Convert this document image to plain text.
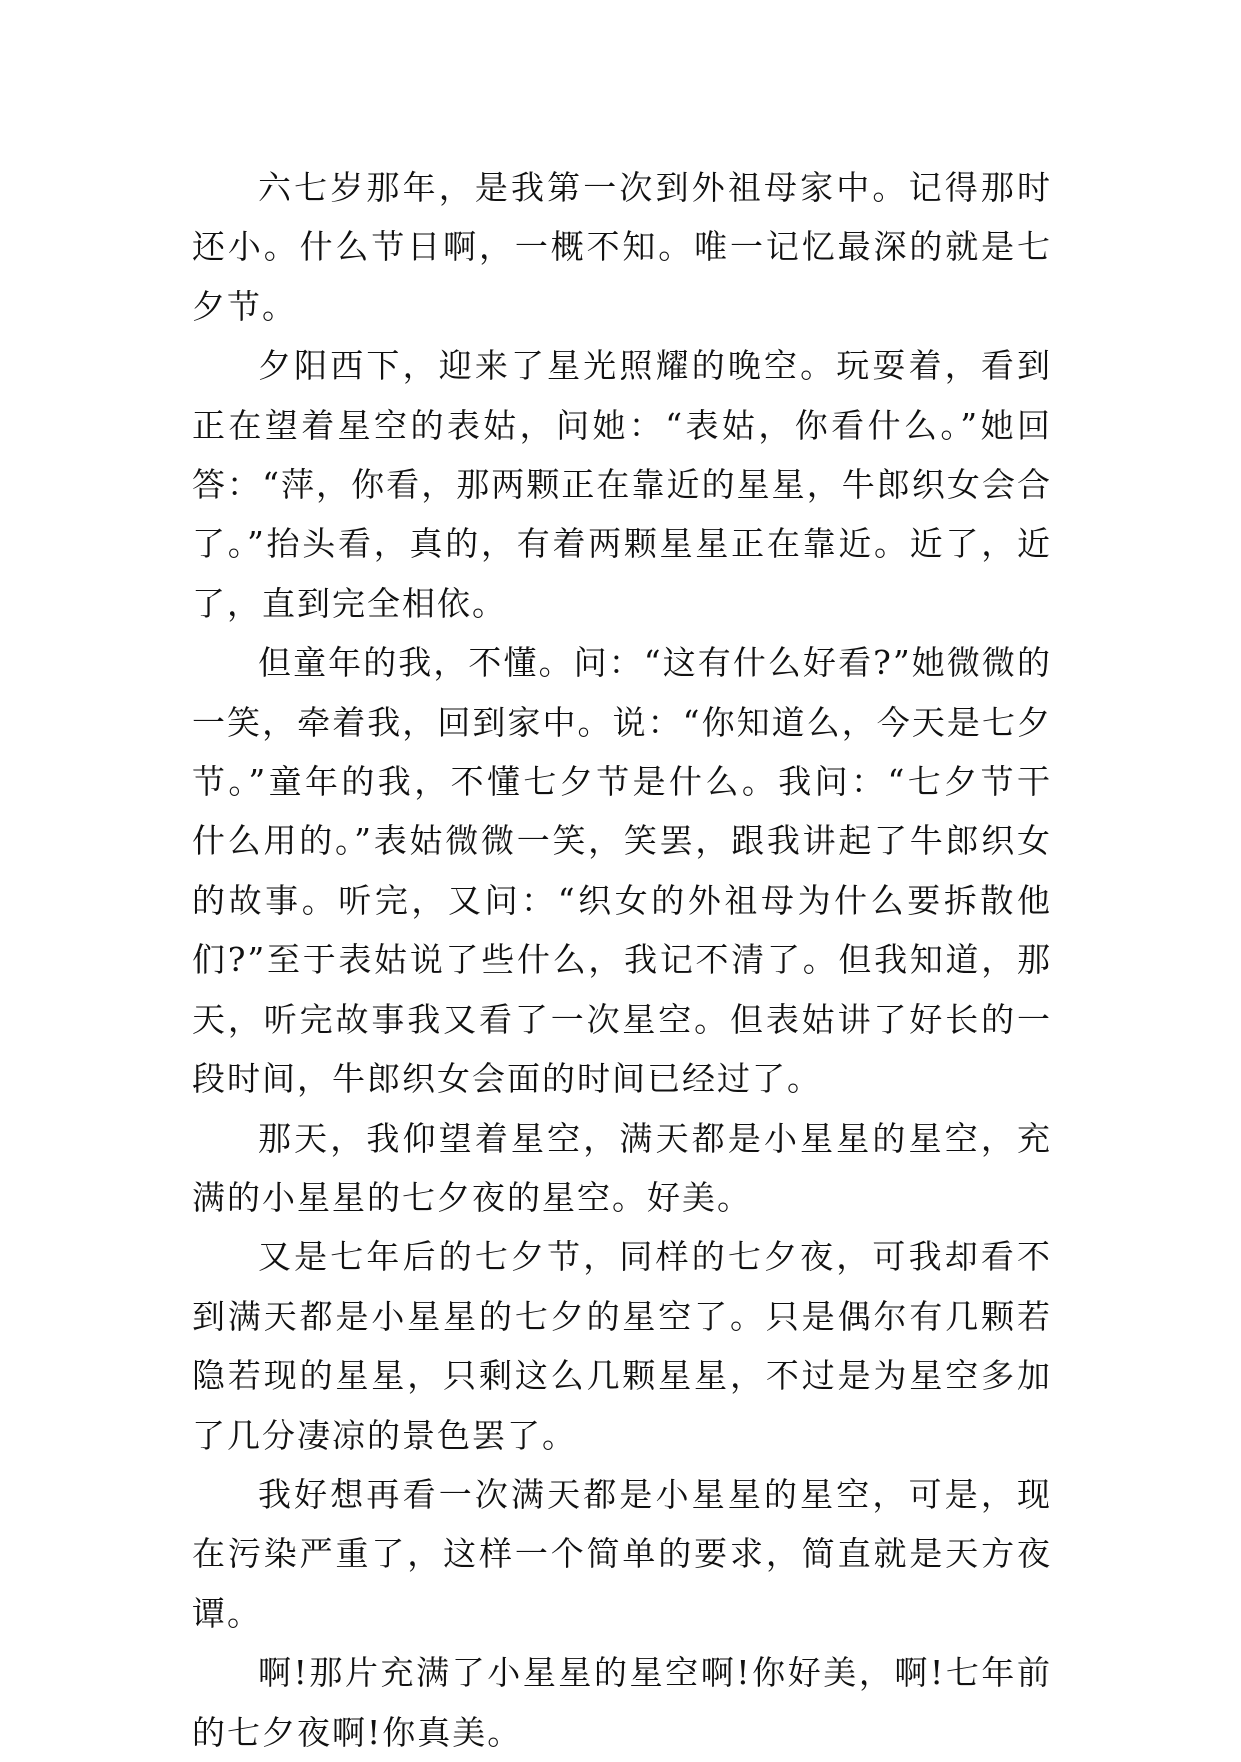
六七岁那年，是我第一次到外祖母家中。记得那时还小。什么节日啊，一概不知。唯一记忆最深的就是七夕节。

夕阳西下，迎来了星光照耀的晚空。玩耍着，看到正在望着星空的表姑，问她：“表姑，你看什么。”她回答：“萍，你看，那两颗正在靠近的星星，牛郎织女会合了。”抬头看，真的，有着两颗星星正在靠近。近了，近了，直到完全相依。

但童年的我，不懂。问：“这有什么好看?”她微微的一笑，牵着我，回到家中。说：“你知道么，今天是七夕节。”童年的我，不懂七夕节是什么。我问：“七夕节干什么用的。”表姑微微一笑，笑罢，跟我讲起了牛郎织女的故事。听完，又问：“织女的外祖母为什么要拆散他们?”至于表姑说了些什么，我记不清了。但我知道，那天，听完故事我又看了一次星空。但表姑讲了好长的一段时间，牛郎织女会面的时间已经过了。

那天，我仰望着星空，满天都是小星星的星空，充满的小星星的七夕夜的星空。好美。

又是七年后的七夕节，同样的七夕夜，可我却看不到满天都是小星星的七夕的星空了。只是偶尔有几颗若隐若现的星星，只剩这么几颗星星，不过是为星空多加了几分凄凉的景色罢了。

我好想再看一次满天都是小星星的星空，可是，现在污染严重了，这样一个简单的要求，简直就是天方夜谭。

啊!那片充满了小星星的星空啊!你好美，啊!七年前的七夕夜啊!你真美。
